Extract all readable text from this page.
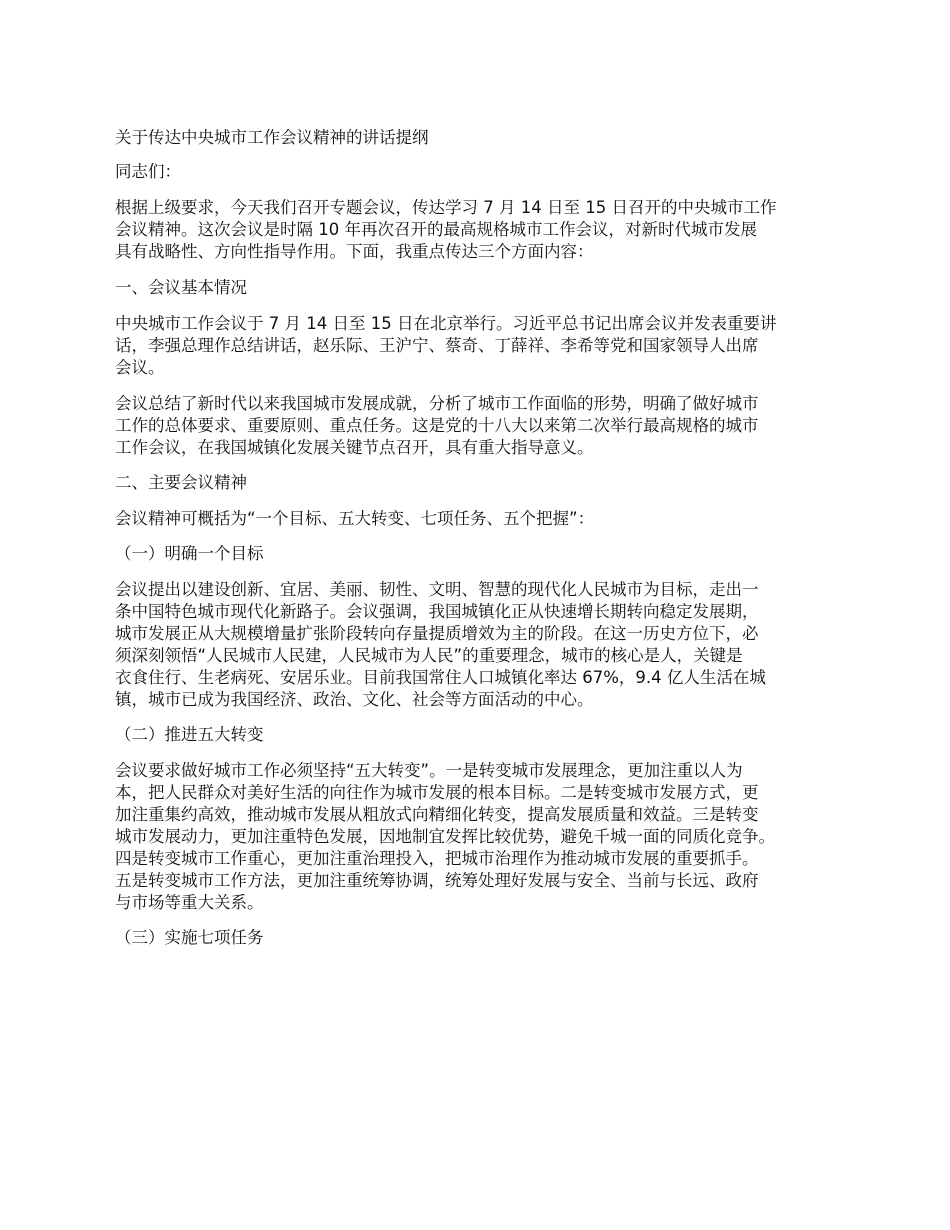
关于传达中央城市工作会议精神的讲话提纲
同志们：
根据上级要求，今天我们召开专题会议，传达学习 7 月 14 日至 15 日召开的中央城市工作
会议精神。这次会议是时隔 10 年再次召开的最高规格城市工作会议，对新时代城市发展
具有战略性、方向性指导作用。下面，我重点传达三个方面内容：
一、会议基本情况
中央城市工作会议于 7 月 14 日至 15 日在北京举行。习近平总书记出席会议并发表重要讲
话，李强总理作总结讲话，赵乐际、王沪宁、蔡奇、丁薛祥、李希等党和国家领导人出席
会议。
会议总结了新时代以来我国城市发展成就，分析了城市工作面临的形势，明确了做好城市
工作的总体要求、重要原则、重点任务。这是党的十八大以来第二次举行最高规格的城市
工作会议，在我国城镇化发展关键节点召开，具有重大指导意义。
二、主要会议精神
会议精神可概括为“一个目标、五大转变、七项任务、五个把握”：
（一）明确一个目标
会议提出以建设创新、宜居、美丽、韧性、文明、智慧的现代化人民城市为目标，走出一
条中国特色城市现代化新路子。会议强调，我国城镇化正从快速增长期转向稳定发展期，
城市发展正从大规模增量扩张阶段转向存量提质增效为主的阶段。在这一历史方位下，必
须深刻领悟“人民城市人民建，人民城市为人民”的重要理念，城市的核心是人，关键是
衣食住行、生老病死、安居乐业。目前我国常住人口城镇化率达 67%，9.4 亿人生活在城
镇，城市已成为我国经济、政治、文化、社会等方面活动的中心。
（二）推进五大转变
会议要求做好城市工作必须坚持“五大转变”。一是转变城市发展理念，更加注重以人为
本，把人民群众对美好生活的向往作为城市发展的根本目标。二是转变城市发展方式，更
加注重集约高效，推动城市发展从粗放式向精细化转变，提高发展质量和效益。三是转变
城市发展动力，更加注重特色发展，因地制宜发挥比较优势，避免千城一面的同质化竞争。
四是转变城市工作重心，更加注重治理投入，把城市治理作为推动城市发展的重要抓手。
五是转变城市工作方法，更加注重统筹协调，统筹处理好发展与安全、当前与长远、政府
与市场等重大关系。
（三）实施七项任务
